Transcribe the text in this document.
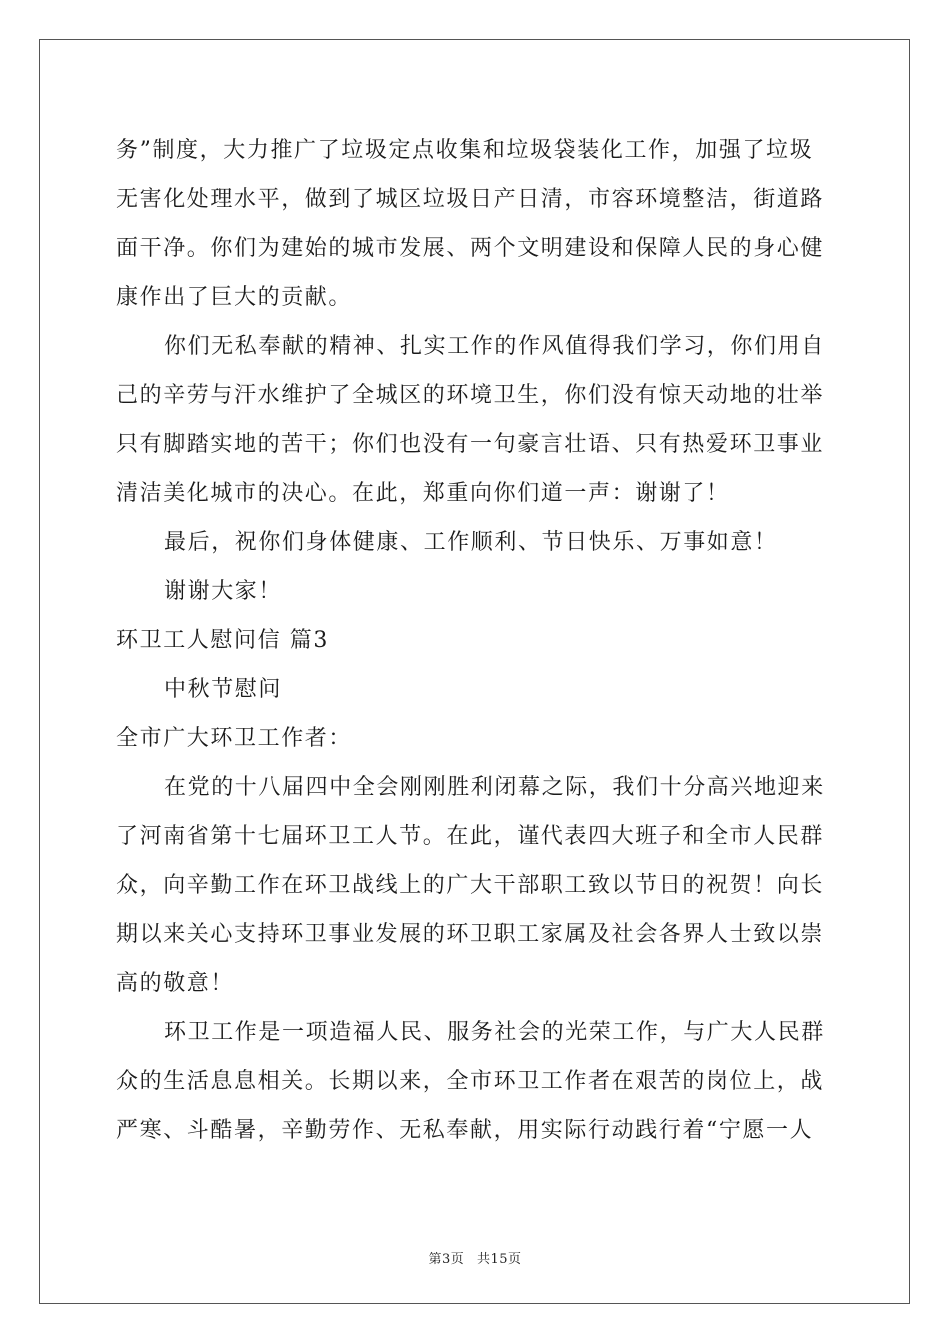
务”制度，大力推广了垃圾定点收集和垃圾袋装化工作，加强了垃圾
无害化处理水平，做到了城区垃圾日产日清，市容环境整洁，街道路
面干净。你们为建始的城市发展、两个文明建设和保障人民的身心健
康作出了巨大的贡献。
你们无私奉献的精神、扎实工作的作风值得我们学习，你们用自
己的辛劳与汗水维护了全城区的环境卫生，你们没有惊天动地的壮举
只有脚踏实地的苦干；你们也没有一句豪言壮语、只有热爱环卫事业
清洁美化城市的决心。在此，郑重向你们道一声：谢谢了！
最后，祝你们身体健康、工作顺利、节日快乐、万事如意！
谢谢大家！
环卫工人慰问信 篇3
中秋节慰问
全市广大环卫工作者：
在党的十八届四中全会刚刚胜利闭幕之际，我们十分高兴地迎来
了河南省第十七届环卫工人节。在此，谨代表四大班子和全市人民群
众，向辛勤工作在环卫战线上的广大干部职工致以节日的祝贺！向长
期以来关心支持环卫事业发展的环卫职工家属及社会各界人士致以崇
高的敬意！
环卫工作是一项造福人民、服务社会的光荣工作，与广大人民群
众的生活息息相关。长期以来，全市环卫工作者在艰苦的岗位上，战
严寒、斗酷暑，辛勤劳作、无私奉献，用实际行动践行着“宁愿一人
第3页 共15页
